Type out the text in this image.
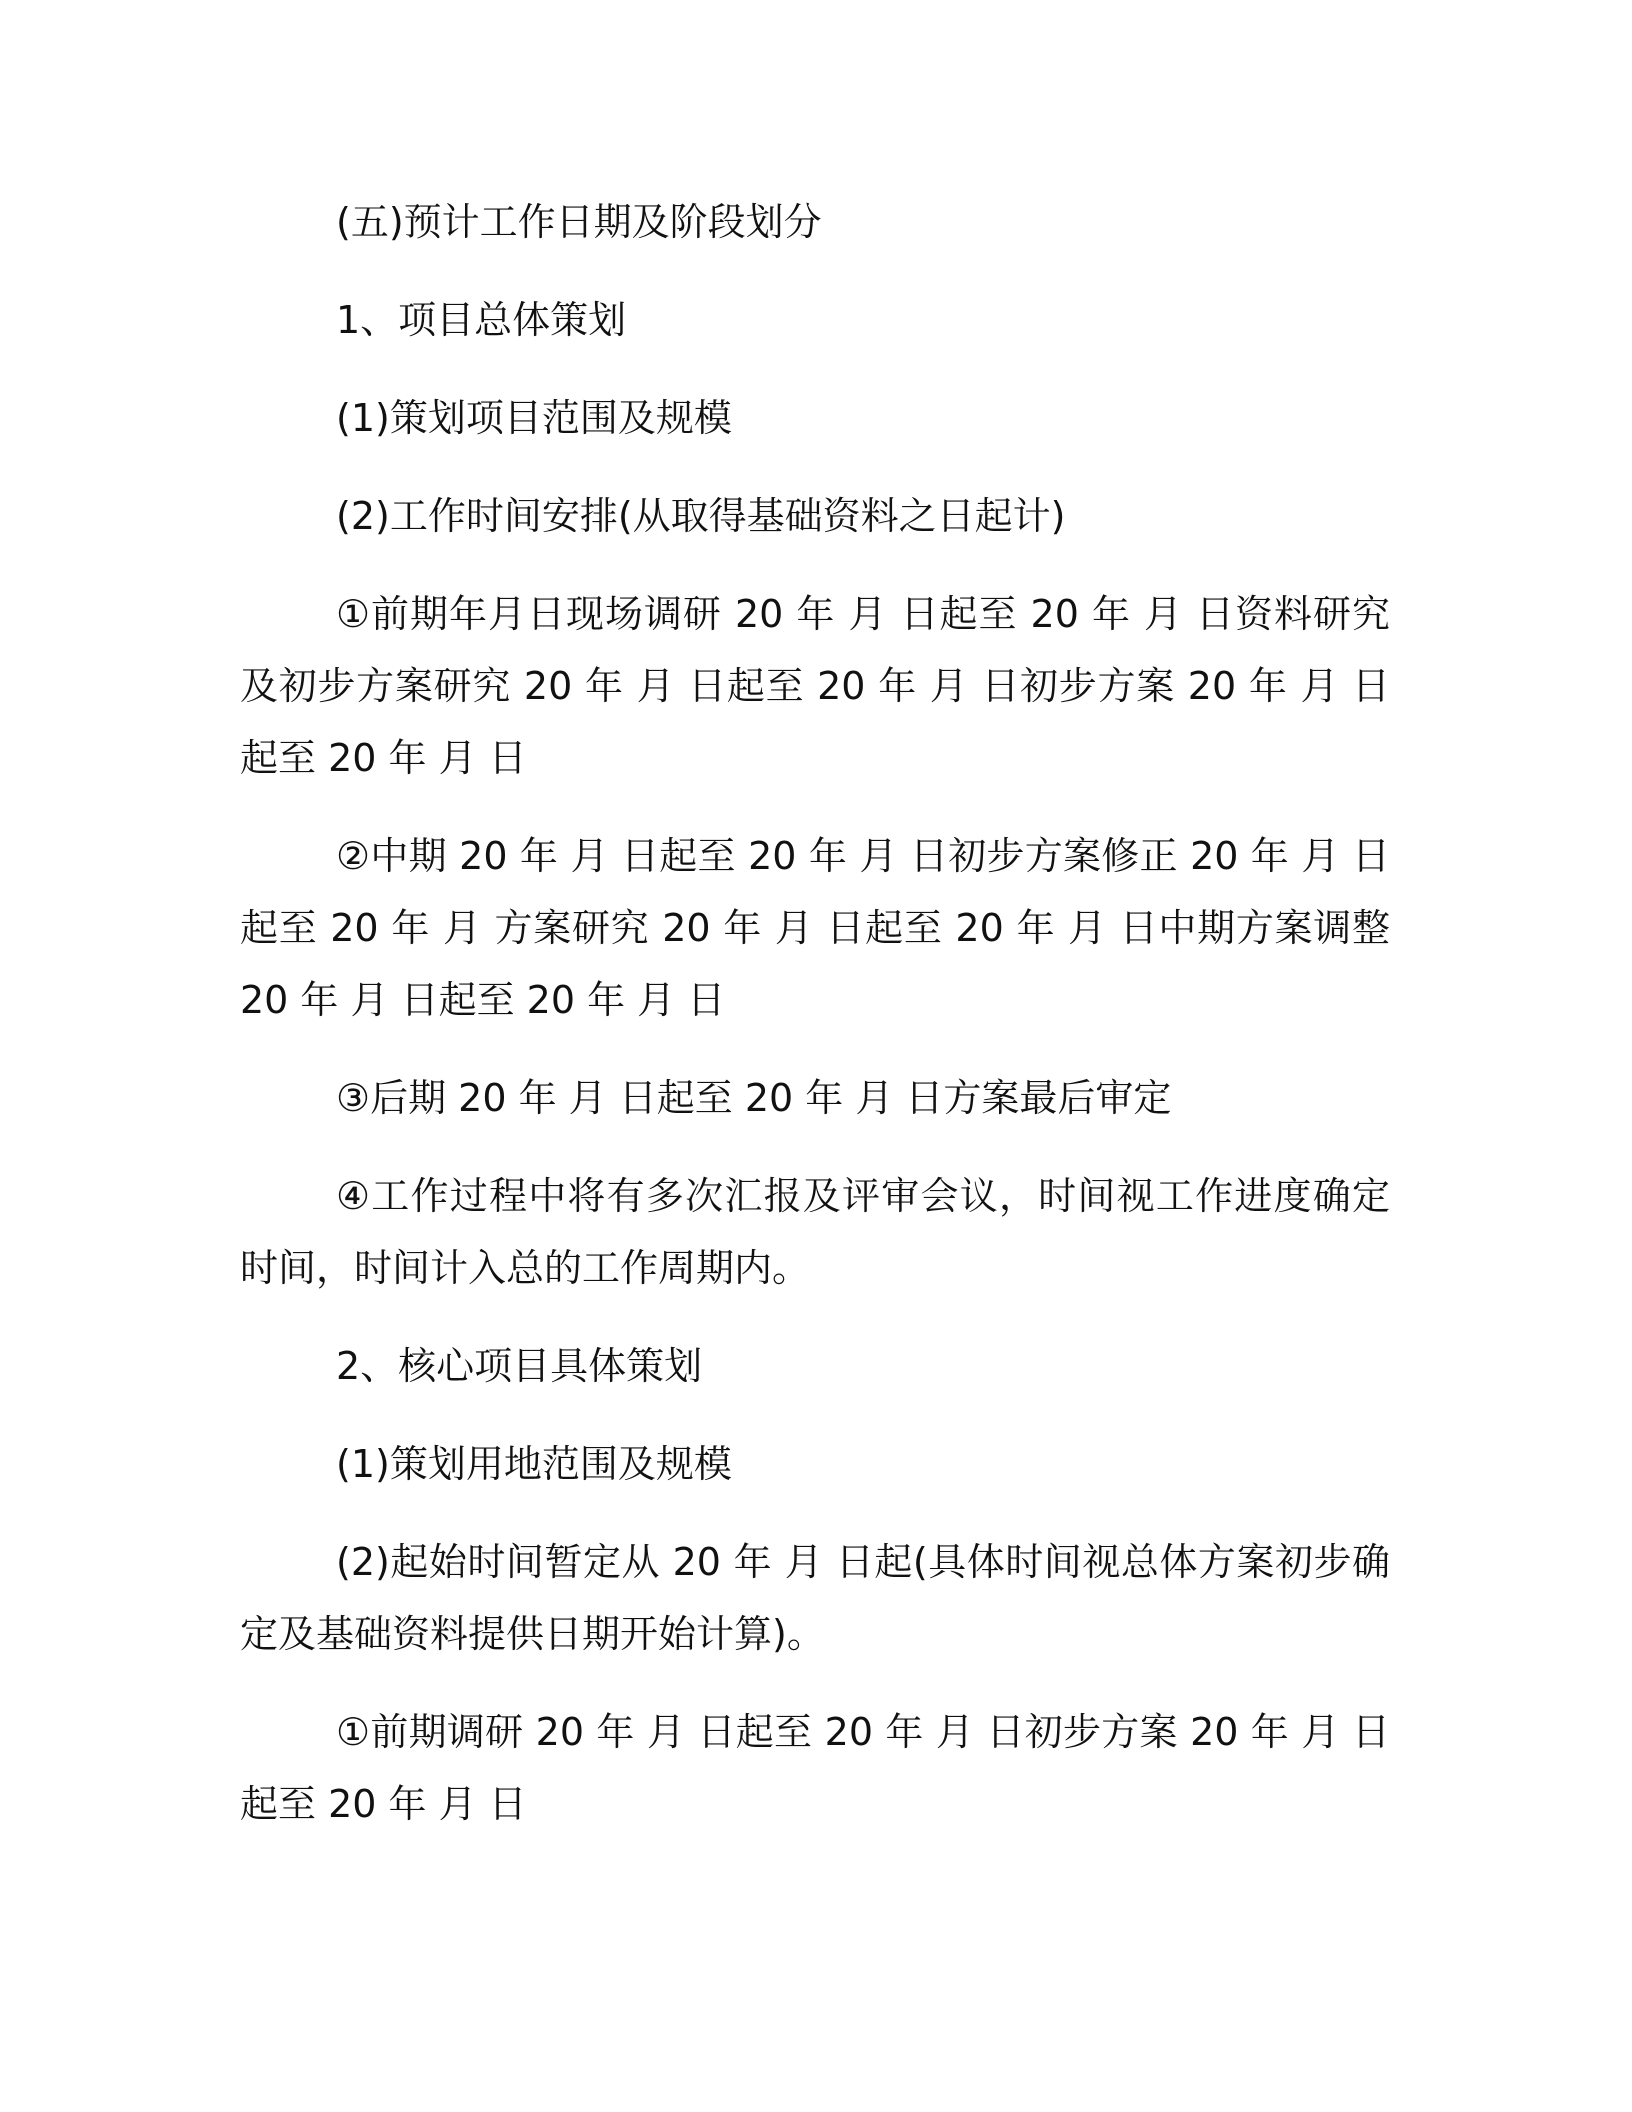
(五)预计工作日期及阶段划分

1、项目总体策划

(1)策划项目范围及规模

(2)工作时间安排(从取得基础资料之日起计)

①前期年月日现场调研 20 年 月 日起至 20 年 月 日资料研究及初步方案研究 20 年 月 日起至 20 年 月 日初步方案 20 年 月 日起至 20 年 月 日

②中期 20 年 月 日起至 20 年 月 日初步方案修正 20 年 月 日起至 20 年 月 方案研究 20 年 月 日起至 20 年 月 日中期方案调整 20 年 月 日起至 20 年 月 日

③后期 20 年 月 日起至 20 年 月 日方案最后审定

④工作过程中将有多次汇报及评审会议，时间视工作进度确定时间，时间计入总的工作周期内。

2、核心项目具体策划

(1)策划用地范围及规模

(2)起始时间暂定从 20 年 月 日起(具体时间视总体方案初步确定及基础资料提供日期开始计算)。

①前期调研 20 年 月 日起至 20 年 月 日初步方案 20 年 月 日起至 20 年 月 日
